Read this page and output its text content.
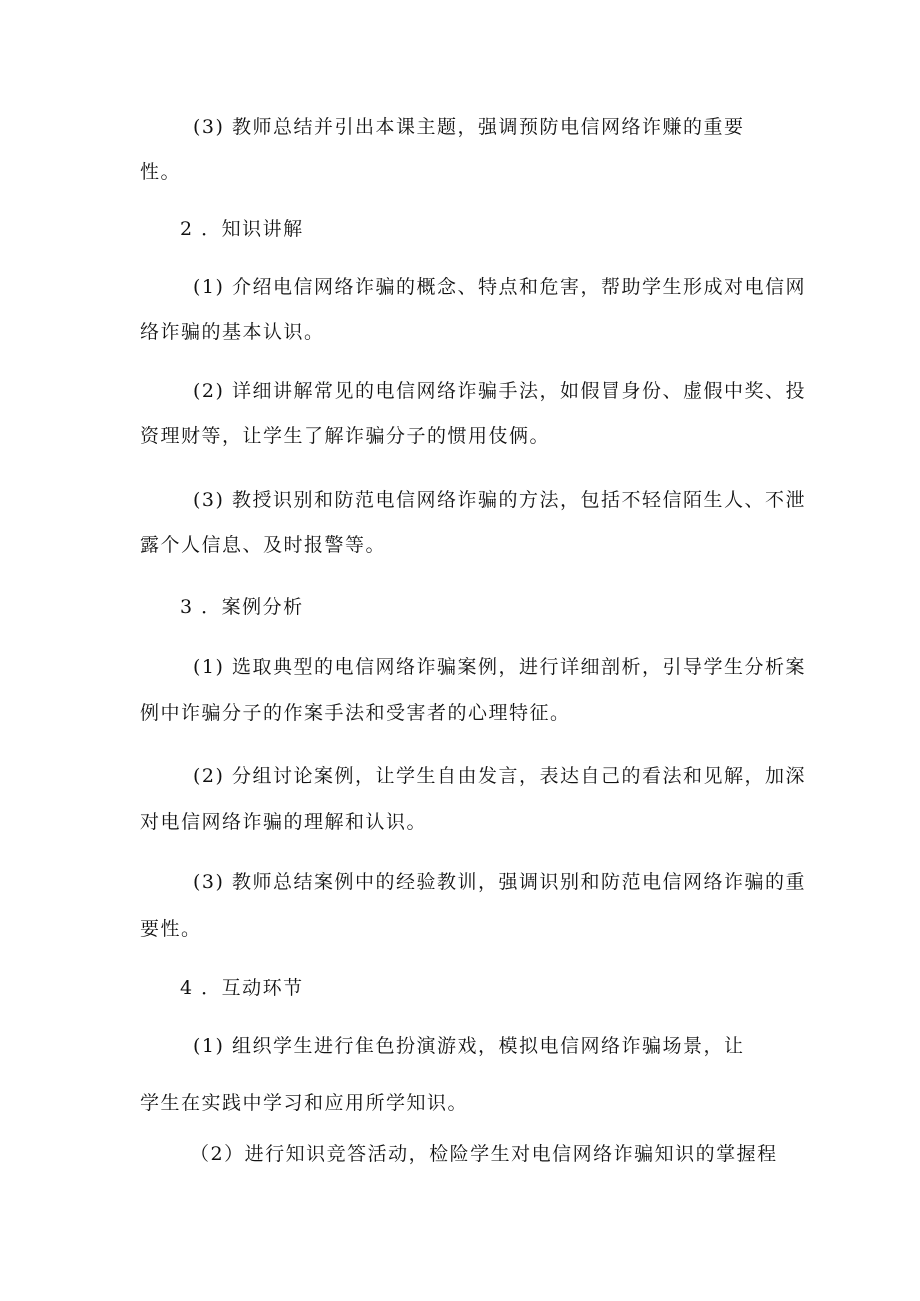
(3) 教师总结并引出本课主题，强调预防电信网络诈赚的重要
性。
2 ．知识讲解
(1) 介绍电信网络诈骗的概念、特点和危害，帮助学生形成对电信网
络诈骗的基本认识。
(2) 详细讲解常见的电信网络诈骗手法，如假冒身份、虚假中奖、投
资理财等，让学生了解诈骗分子的惯用伎俩。
(3) 教授识别和防范电信网络诈骗的方法，包括不轻信陌生人、不泄
露个人信息、及时报警等。
3 ．案例分析
(1) 选取典型的电信网络诈骗案例，进行详细剖析，引导学生分析案
例中诈骗分子的作案手法和受害者的心理特征。
(2) 分组讨论案例，让学生自由发言，表达自己的看法和见解，加深
对电信网络诈骗的理解和认识。
(3) 教师总结案例中的经验教训，强调识别和防范电信网络诈骗的重
要性。
4 ．互动环节
(1) 组织学生进行隹色扮演游戏，模拟电信网络诈骗场景，让
学生在实践中学习和应用所学知识。
（2）进行知识竞答活动，检险学生对电信网络诈骗知识的掌握程
